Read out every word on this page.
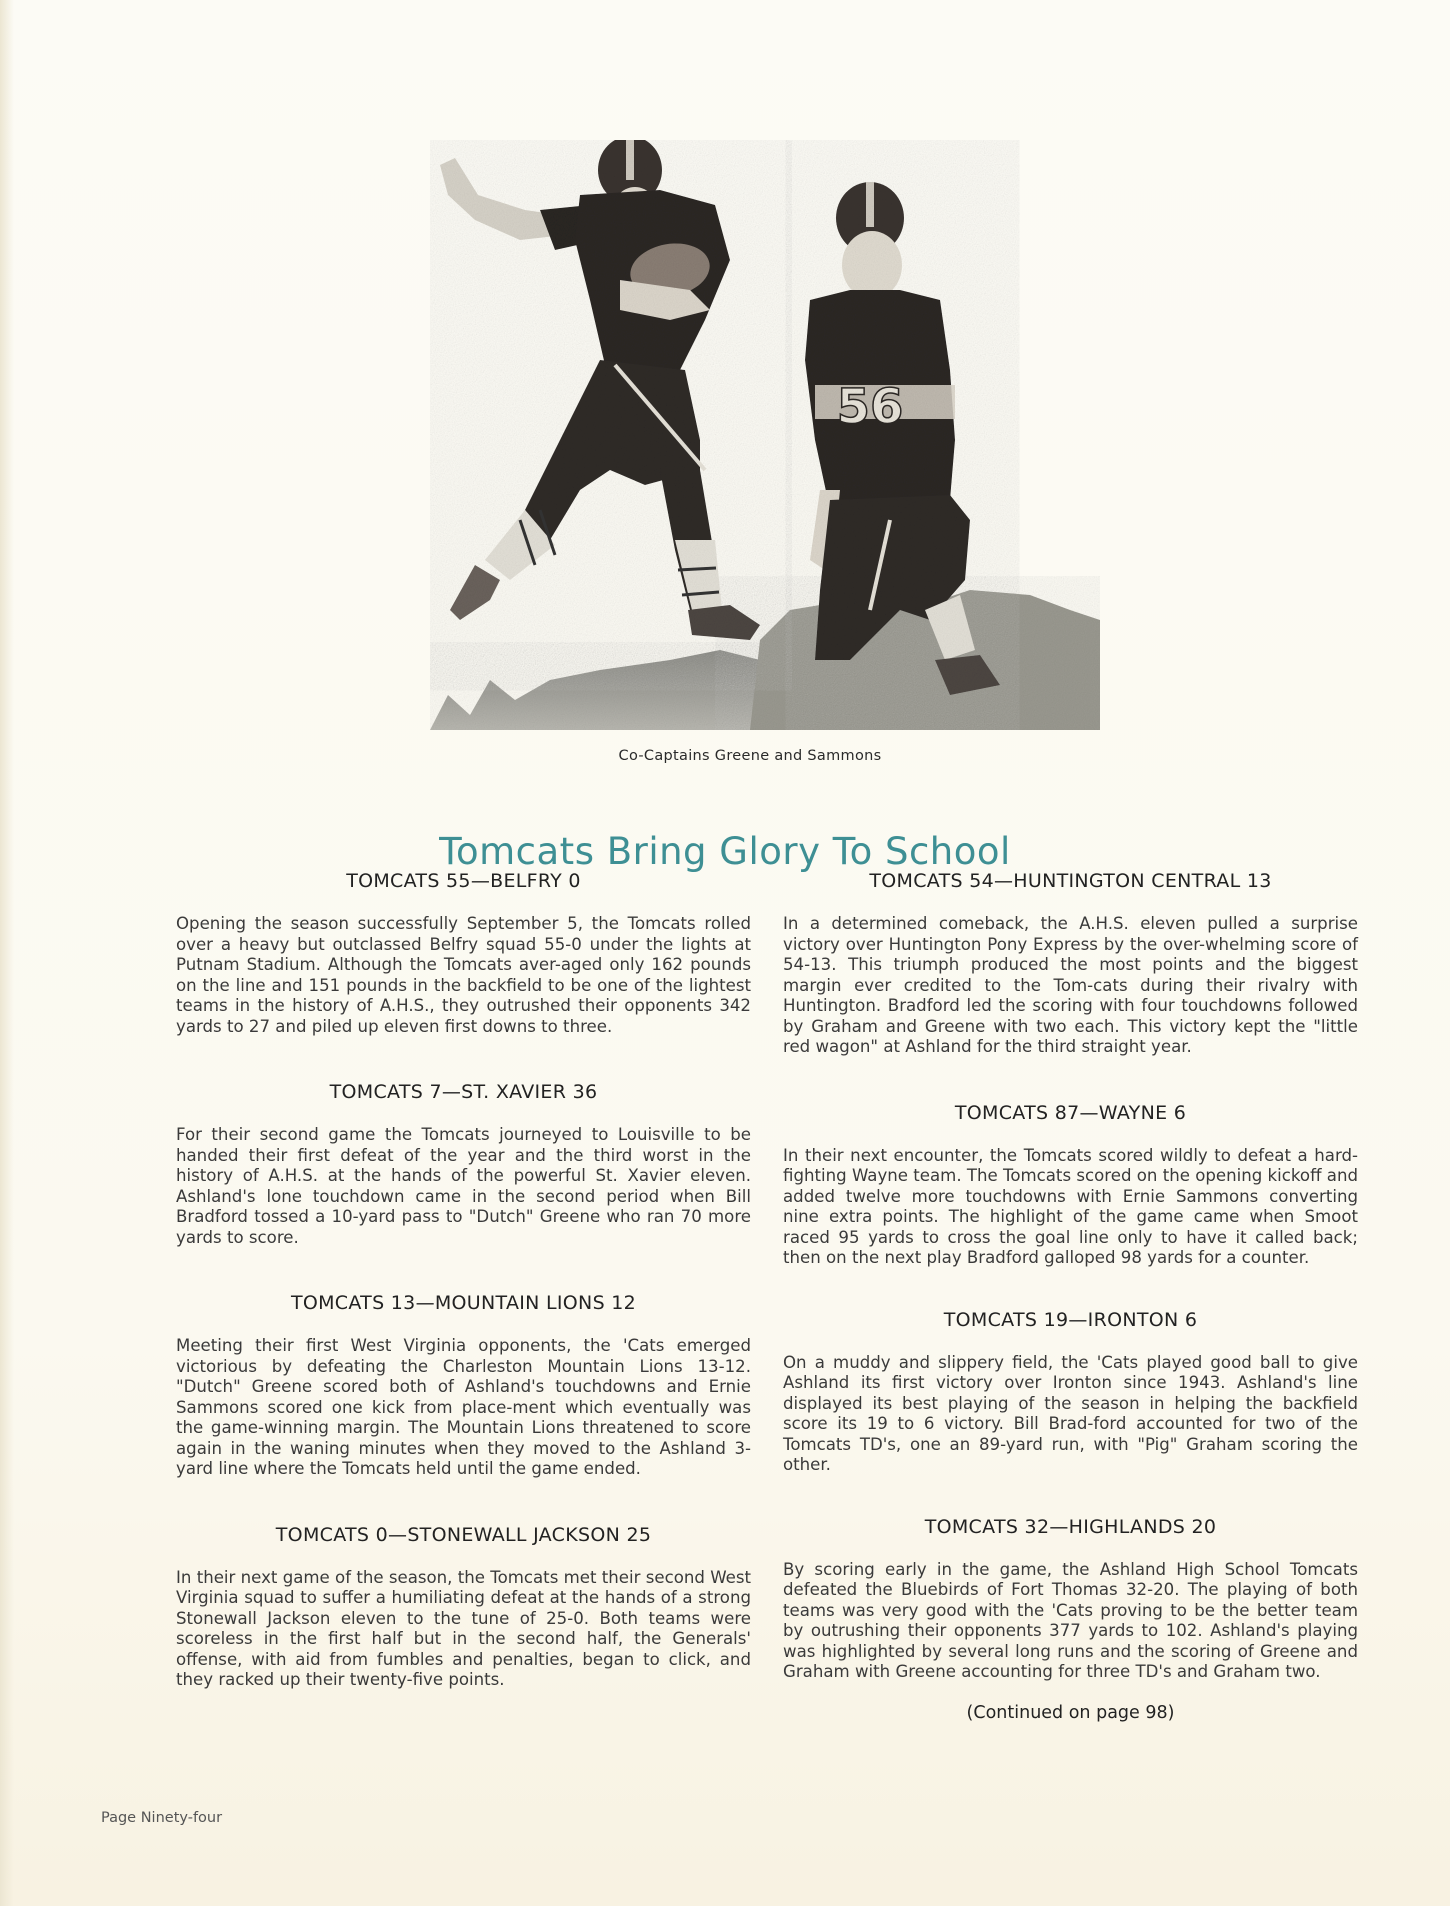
56
Co-Captains Greene and Sammons
Tomcats Bring Glory To School
TOMCATS 55—BELFRY 0

Opening the season successfully September 5, the Tomcats rolled over a heavy but outclassed Belfry squad 55-0 under the lights at Putnam Stadium. Although the Tomcats aver-aged only 162 pounds on the line and 151 pounds in the backfield to be one of the lightest teams in the history of A.H.S., they outrushed their opponents 342 yards to 27 and piled up eleven first downs to three.

TOMCATS 7—ST. XAVIER 36

For their second game the Tomcats journeyed to Louisville to be handed their first defeat of the year and the third worst in the history of A.H.S. at the hands of the powerful St. Xavier eleven. Ashland's lone touchdown came in the second period when Bill Bradford tossed a 10-yard pass to "Dutch" Greene who ran 70 more yards to score.

TOMCATS 13—MOUNTAIN LIONS 12

Meeting their first West Virginia opponents, the 'Cats emerged victorious by defeating the Charleston Mountain Lions 13-12. "Dutch" Greene scored both of Ashland's touchdowns and Ernie Sammons scored one kick from place-ment which eventually was the game-winning margin. The Mountain Lions threatened to score again in the waning minutes when they moved to the Ashland 3-yard line where the Tomcats held until the game ended.

TOMCATS 0—STONEWALL JACKSON 25

In their next game of the season, the Tomcats met their second West Virginia squad to suffer a humiliating defeat at the hands of a strong Stonewall Jackson eleven to the tune of 25-0. Both teams were scoreless in the first half but in the second half, the Generals' offense, with aid from fumbles and penalties, began to click, and they racked up their twenty-five points.

TOMCATS 54—HUNTINGTON CENTRAL 13

In a determined comeback, the A.H.S. eleven pulled a surprise victory over Huntington Pony Express by the over-whelming score of 54-13. This triumph produced the most points and the biggest margin ever credited to the Tom-cats during their rivalry with Huntington. Bradford led the scoring with four touchdowns followed by Graham and Greene with two each. This victory kept the "little red wagon" at Ashland for the third straight year.

TOMCATS 87—WAYNE 6

In their next encounter, the Tomcats scored wildly to defeat a hard-fighting Wayne team. The Tomcats scored on the opening kickoff and added twelve more touchdowns with Ernie Sammons converting nine extra points. The highlight of the game came when Smoot raced 95 yards to cross the goal line only to have it called back; then on the next play Bradford galloped 98 yards for a counter.

TOMCATS 19—IRONTON 6

On a muddy and slippery field, the 'Cats played good ball to give Ashland its first victory over Ironton since 1943. Ashland's line displayed its best playing of the season in helping the backfield score its 19 to 6 victory. Bill Brad-ford accounted for two of the Tomcats TD's, one an 89-yard run, with "Pig" Graham scoring the other.

TOMCATS 32—HIGHLANDS 20

By scoring early in the game, the Ashland High School Tomcats defeated the Bluebirds of Fort Thomas 32-20. The playing of both teams was very good with the 'Cats proving to be the better team by outrushing their opponents 377 yards to 102. Ashland's playing was highlighted by several long runs and the scoring of Greene and Graham with Greene accounting for three TD's and Graham two.

(Continued on page 98)
Page Ninety-four
